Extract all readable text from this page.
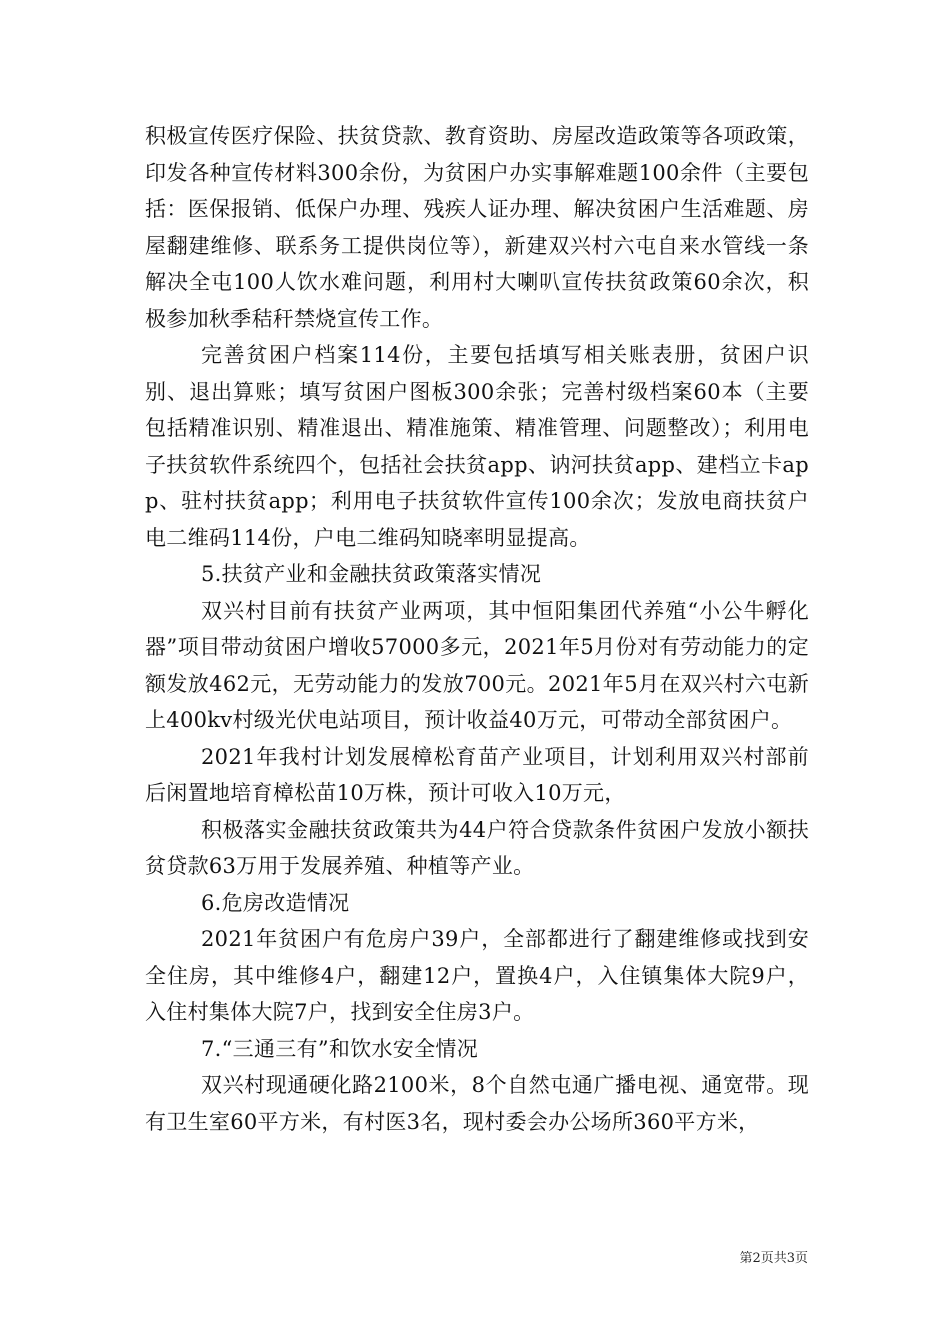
积极宣传医疗保险、扶贫贷款、教育资助、房屋改造政策等各项政策，印发各种宣传材料300余份，为贫困户办实事解难题100余件（主要包括：医保报销、低保户办理、残疾人证办理、解决贫困户生活难题、房屋翻建维修、联系务工提供岗位等），新建双兴村六屯自来水管线一条解决全屯100人饮水难问题，利用村大喇叭宣传扶贫政策60余次，积极参加秋季秸秆禁烧宣传工作。

完善贫困户档案114份，主要包括填写相关账表册，贫困户识别、退出算账；填写贫困户图板300余张；完善村级档案60本（主要包括精准识别、精准退出、精准施策、精准管理、问题整改）；利用电子扶贫软件系统四个，包括社会扶贫app、讷河扶贫app、建档立卡app、驻村扶贫app；利用电子扶贫软件宣传100余次；发放电商扶贫户电二维码114份，户电二维码知晓率明显提高。

5.扶贫产业和金融扶贫政策落实情况

双兴村目前有扶贫产业两项，其中恒阳集团代养殖“小公牛孵化器”项目带动贫困户增收57000多元，2021年5月份对有劳动能力的定额发放462元，无劳动能力的发放700元。2021年5月在双兴村六屯新上400kv村级光伏电站项目，预计收益40万元，可带动全部贫困户。

2021年我村计划发展樟松育苗产业项目，计划利用双兴村部前后闲置地培育樟松苗10万株，预计可收入10万元，

积极落实金融扶贫政策共为44户符合贷款条件贫困户发放小额扶贫贷款63万用于发展养殖、种植等产业。

6.危房改造情况

2021年贫困户有危房户39户，全部都进行了翻建维修或找到安全住房，其中维修4户，翻建12户，置换4户，入住镇集体大院9户，入住村集体大院7户，找到安全住房3户。

7.“三通三有”和饮水安全情况

双兴村现通硬化路2100米，8个自然屯通广播电视、通宽带。现有卫生室60平方米，有村医3名，现村委会办公场所360平方米，

第2页共3页
